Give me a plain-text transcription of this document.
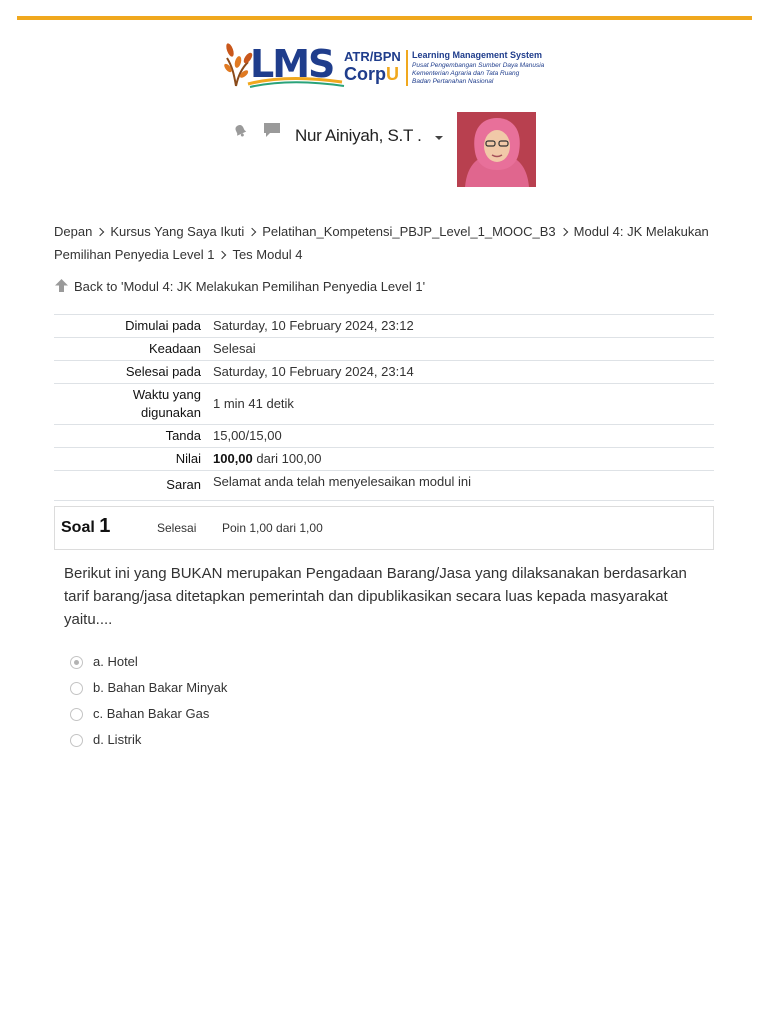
LMS ATR/BPN
CorpU
Learning Management System
Pusat Pengembangan Sumber Daya Manusia
Kementerian Agraria dan Tata Ruang
Badan Pertanahan Nasional
Nur Ainiyah, S.T .
Depan Kursus Yang Saya Ikuti Pelatihan_Kompetensi_PBJP_Level_1_MOOC_B3 Modul 4: JK Melakukan Pemilihan Penyedia Level 1 Tes Modul 4
Back to 'Modul 4: JK Melakukan Pemilihan Penyedia Level 1'
Dimulai pada	Saturday, 10 February 2024, 23:12
Keadaan	Selesai
Selesai pada	Saturday, 10 February 2024, 23:14
Waktu yang
digunakan	1 min 41 detik
Tanda	15,00/15,00
Nilai	100,00 dari 100,00
Saran	Selamat anda telah menyelesaikan modul ini
Soal 1	Selesai Poin 1,00 dari 1,00
Berikut ini yang BUKAN merupakan Pengadaan Barang/Jasa yang dilaksanakan berdasarkan tarif barang/jasa ditetapkan pemerintah dan dipublikasikan secara luas kepada masyarakat yaitu....
a. Hotel
b. Bahan Bakar Minyak
c. Bahan Bakar Gas
d. Listrik
